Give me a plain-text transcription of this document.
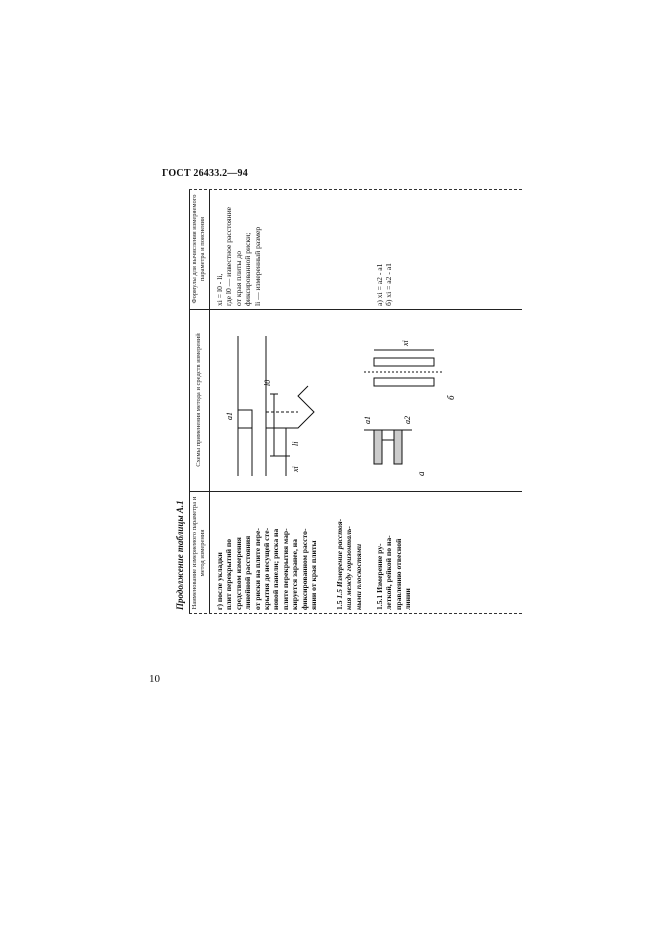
ГОСТ 26433.2—94
Продолжение таблицы А.1 Наименование измеряемого параметра и метод измерения
Схемы применения метода и средств измерений
Формулы для вычисления измеряемого параметра и пояснения
г) после укладки плит перекрытий по средством измерения линейной расстояния от риски на плите пере- крытия до несущей сте- новой панели; риска на плите перекрытия мар- кируется заранее, на фиксированном рассто- янии от края плиты 1.5 1.5 Измерение расстоя- ния между горизонталь- ными плоскостями 1.5.1 Измерение ру- леткой, рейкой по на- правлению отвесной линии
l0
li
xi
a1
а
a1	a2
б
xi
xi = l0 - li, где l0 — известное расстояние от края плиты до фиксированной риски; li — измеренный размер	а) xi = a2 - a1 б) xi = a2 - a1
10
